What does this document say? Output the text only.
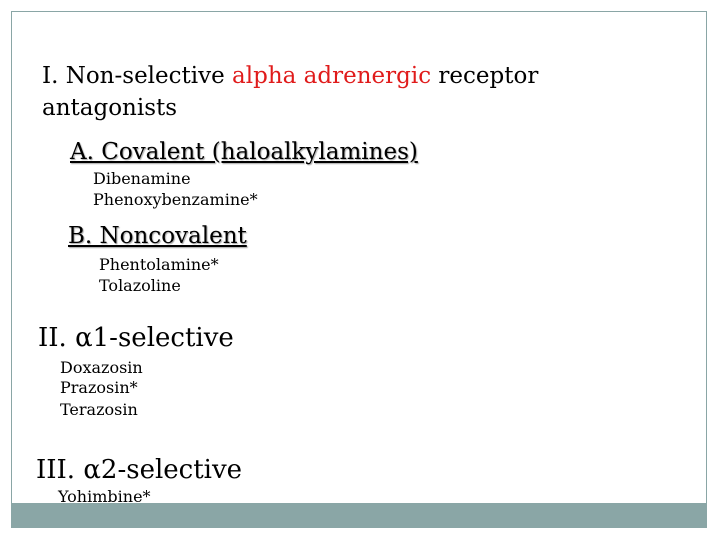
I. Non-selective alpha adrenergic receptor
antagonists
A. Covalent (haloalkylamines)
Dibenamine
Phenoxybenzamine*
B. Noncovalent
Phentolamine*
Tolazoline
II. α1-selective
Doxazosin
Prazosin*
Terazosin
III. α2-selective
Yohimbine*
